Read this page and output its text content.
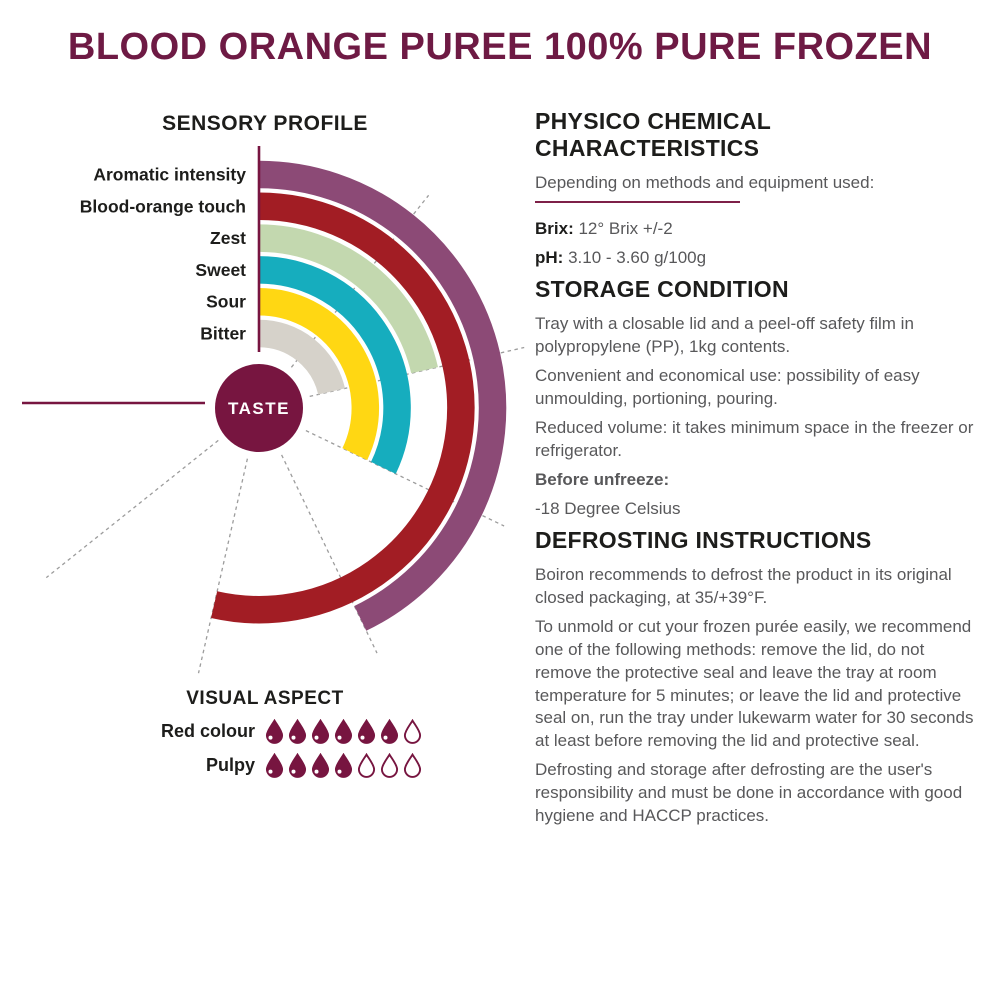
BLOOD ORANGE PUREE 100% PURE FROZEN
SENSORY PROFILE
Aromatic intensity
Blood-orange touch
Zest
Sweet
Sour
Bitter
TASTE
VISUAL ASPECT
Red colour
Pulpy
PHYSICO CHEMICAL CHARACTERISTICS

Depending on methods and equipment used:

Brix: 12° Brix +/-2

pH: 3.10 - 3.60 g/100g

STORAGE CONDITION

Tray with a closable lid and a peel-off safety film in polypropylene (PP), 1kg contents.

Convenient and economical use: possibility of easy unmoulding, portioning, pouring.

Reduced volume: it takes minimum space in the freezer or refrigerator.

Before unfreeze:

-18 Degree Celsius

DEFROSTING INSTRUCTIONS

Boiron recommends to defrost the product in its original closed packaging, at 35/+39°F.

To unmold or cut your frozen purée easily, we recommend one of the following methods: remove the lid, do not remove the protective seal and leave the tray at room temperature for 5 minutes; or leave the lid and protective seal on, run the tray under lukewarm water for 30 seconds at least before removing the lid and protective seal.

Defrosting and storage after defrosting are the user's responsibility and must be done in accordance with good hygiene and HACCP practices.
